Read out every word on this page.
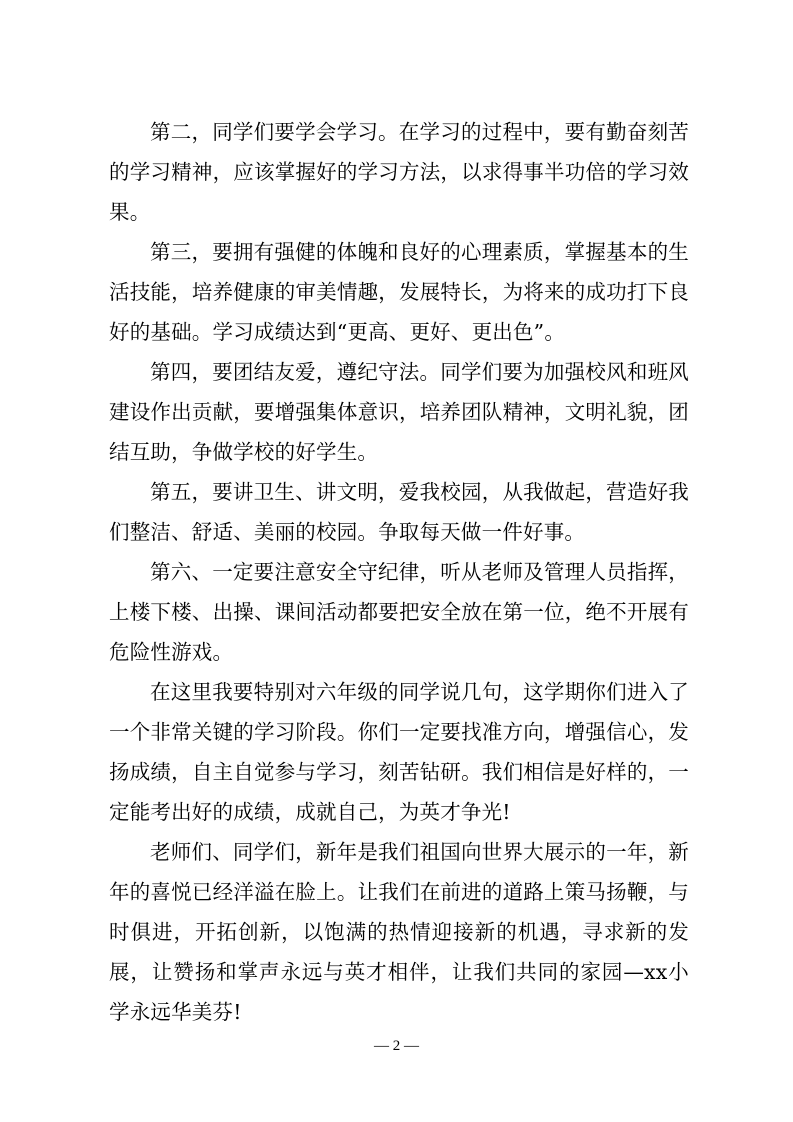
第二，同学们要学会学习。在学习的过程中，要有勤奋刻苦的学习精神，应该掌握好的学习方法，以求得事半功倍的学习效果。

第三，要拥有强健的体魄和良好的心理素质，掌握基本的生活技能，培养健康的审美情趣，发展特长，为将来的成功打下良好的基础。学习成绩达到“更高、更好、更出色”。

第四，要团结友爱，遵纪守法。同学们要为加强校风和班风建设作出贡献，要增强集体意识，培养团队精神，文明礼貌，团结互助，争做学校的好学生。

第五，要讲卫生、讲文明，爱我校园，从我做起，营造好我们整洁、舒适、美丽的校园。争取每天做一件好事。

第六、一定要注意安全守纪律，听从老师及管理人员指挥，上楼下楼、出操、课间活动都要把安全放在第一位，绝不开展有危险性游戏。

在这里我要特别对六年级的同学说几句，这学期你们进入了一个非常关键的学习阶段。你们一定要找准方向，增强信心，发扬成绩，自主自觉参与学习，刻苦钻研。我们相信是好样的，一定能考出好的成绩，成就自己，为英才争光!

老师们、同学们，新年是我们祖国向世界大展示的一年，新年的喜悦已经洋溢在脸上。让我们在前进的道路上策马扬鞭，与时俱进，开拓创新，以饱满的热情迎接新的机遇，寻求新的发展，让赞扬和掌声永远与英才相伴，让我们共同的家园—xx小学永远华美芬!

— 2 —
